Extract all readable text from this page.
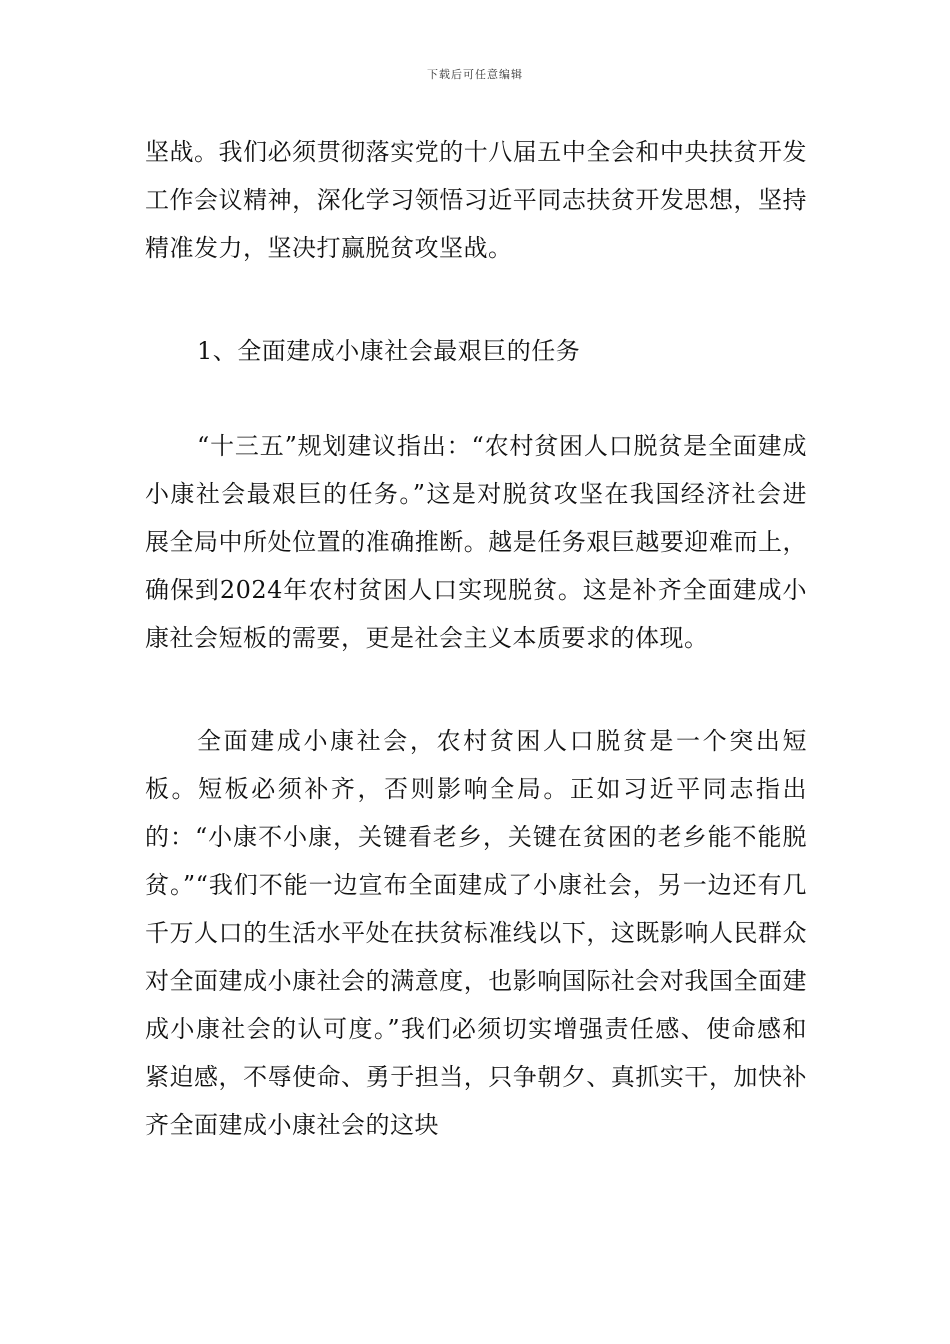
下载后可任意编辑

坚战。我们必须贯彻落实党的十八届五中全会和中央扶贫开发工作会议精神，深化学习领悟习近平同志扶贫开发思想，坚持精准发力，坚决打赢脱贫攻坚战。

1、全面建成小康社会最艰巨的任务

“十三五”规划建议指出：“农村贫困人口脱贫是全面建成小康社会最艰巨的任务。”这是对脱贫攻坚在我国经济社会进展全局中所处位置的准确推断。越是任务艰巨越要迎难而上，确保到2024年农村贫困人口实现脱贫。这是补齐全面建成小康社会短板的需要，更是社会主义本质要求的体现。

全面建成小康社会，农村贫困人口脱贫是一个突出短板。短板必须补齐，否则影响全局。正如习近平同志指出的：“小康不小康，关键看老乡，关键在贫困的老乡能不能脱贫。”“我们不能一边宣布全面建成了小康社会，另一边还有几千万人口的生活水平处在扶贫标准线以下，这既影响人民群众对全面建成小康社会的满意度，也影响国际社会对我国全面建成小康社会的认可度。”我们必须切实增强责任感、使命感和紧迫感，不辱使命、勇于担当，只争朝夕、真抓实干，加快补齐全面建成小康社会的这块
